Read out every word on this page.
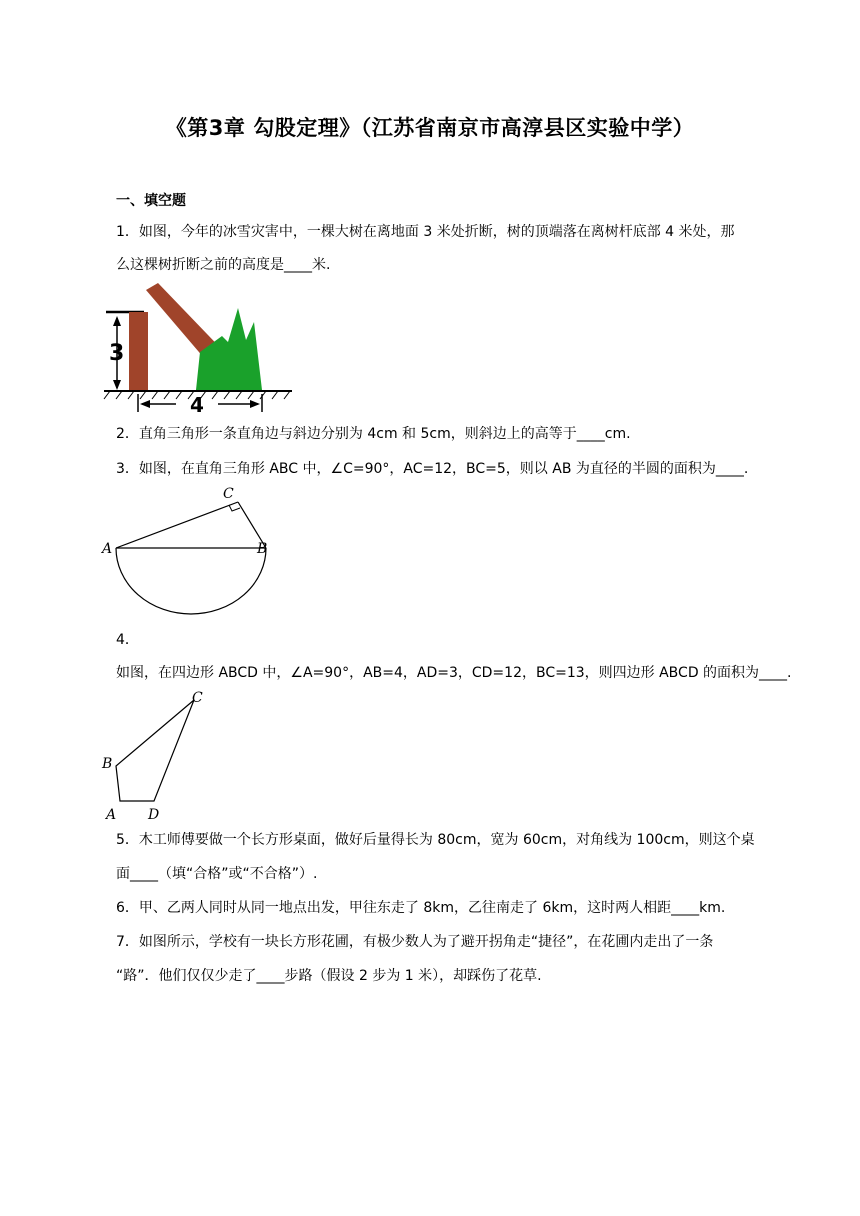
《第3章 勾股定理》（江苏省南京市高淳县区实验中学）
一、填空题
1．如图，今年的冰雪灾害中，一棵大树在离地面 3 米处折断，树的顶端落在离树杆底部 4 米处，那
么这棵树折断之前的高度是____米.
3
4
2．直角三角形一条直角边与斜边分别为 4cm 和 5cm，则斜边上的高等于____cm.
3．如图，在直角三角形 ABC 中，∠C=90°，AC=12，BC=5，则以 AB 为直径的半圆的面积为____.
A	B
C
4．
如图，在四边形 ABCD 中，∠A=90°，AB=4，AD=3，CD=12，BC=13，则四边形 ABCD 的面积为____.
B
A D
C
5．木工师傅要做一个长方形桌面，做好后量得长为 80cm，宽为 60cm，对角线为 100cm，则这个桌
面____（填“合格”或“不合格”）.
6．甲、乙两人同时从同一地点出发，甲往东走了 8km，乙往南走了 6km，这时两人相距____km.
7．如图所示，学校有一块长方形花圃，有极少数人为了避开拐角走“捷径”，在花圃内走出了一条
“路”．他们仅仅少走了____步路（假设 2 步为 1 米），却踩伤了花草.
